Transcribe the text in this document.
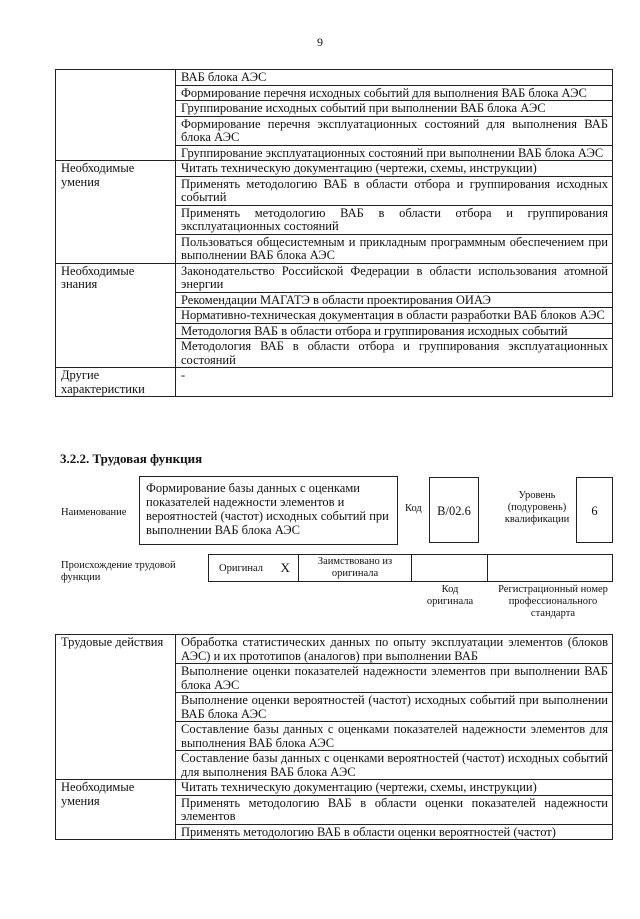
9
	ВАБ блока АЭС
	Формирование перечня исходных событий для выполнения ВАБ блока АЭС
	Группирование исходных событий при выполнении ВАБ блока АЭС
	Формирование перечня эксплуатационных состояний для выполнения ВАБ блока АЭС
	Группирование эксплуатационных состояний при выполнении ВАБ блока АЭС
Необходимые умения	Читать техническую документацию (чертежи, схемы, инструкции)
	Применять методологию ВАБ в области отбора и группирования исходных событий
	Применять методологию ВАБ в области отбора и группирования эксплуатационных состояний
	Пользоваться общесистемным и прикладным программным обеспечением при выполнении ВАБ блока АЭС
Необходимые знания	Законодательство Российской Федерации в области использования атомной энергии
	Рекомендации МАГАТЭ в области проектирования ОИАЭ
	Нормативно-техническая документация в области разработки ВАБ блоков АЭС
	Методология ВАБ в области отбора и группирования исходных событий
	Методология ВАБ в области отбора и группирования эксплуатационных состояний
Другие характеристики	-
3.2.2. Трудовая функция
Наименование
Формирование базы данных с оценками показателей надежности элементов и вероятностей (частот) исходных событий при выполнении ВАБ блока АЭС
Код	B/02.6
Уровень (подуровень) квалификации
6
Происхождение трудовой функции
Оригинал	X	Заимствовано из оригинала		
Код оригинала
Регистрационный номер профессионального стандарта
Трудовые действия	Обработка статистических данных по опыту эксплуатации элементов (блоков АЭС) и их прототипов (аналогов) при выполнении ВАБ
	Выполнение оценки показателей надежности элементов при выполнении ВАБ блока АЭС
	Выполнение оценки вероятностей (частот) исходных событий при выполнении ВАБ блока АЭС
	Составление базы данных с оценками показателей надежности элементов для выполнения ВАБ блока АЭС
	Составление базы данных с оценками вероятностей (частот) исходных событий для выполнения ВАБ блока АЭС
Необходимые умения	Читать техническую документацию (чертежи, схемы, инструкции)
	Применять методологию ВАБ в области оценки показателей надежности элементов
	Применять методологию ВАБ в области оценки вероятностей (частот)
